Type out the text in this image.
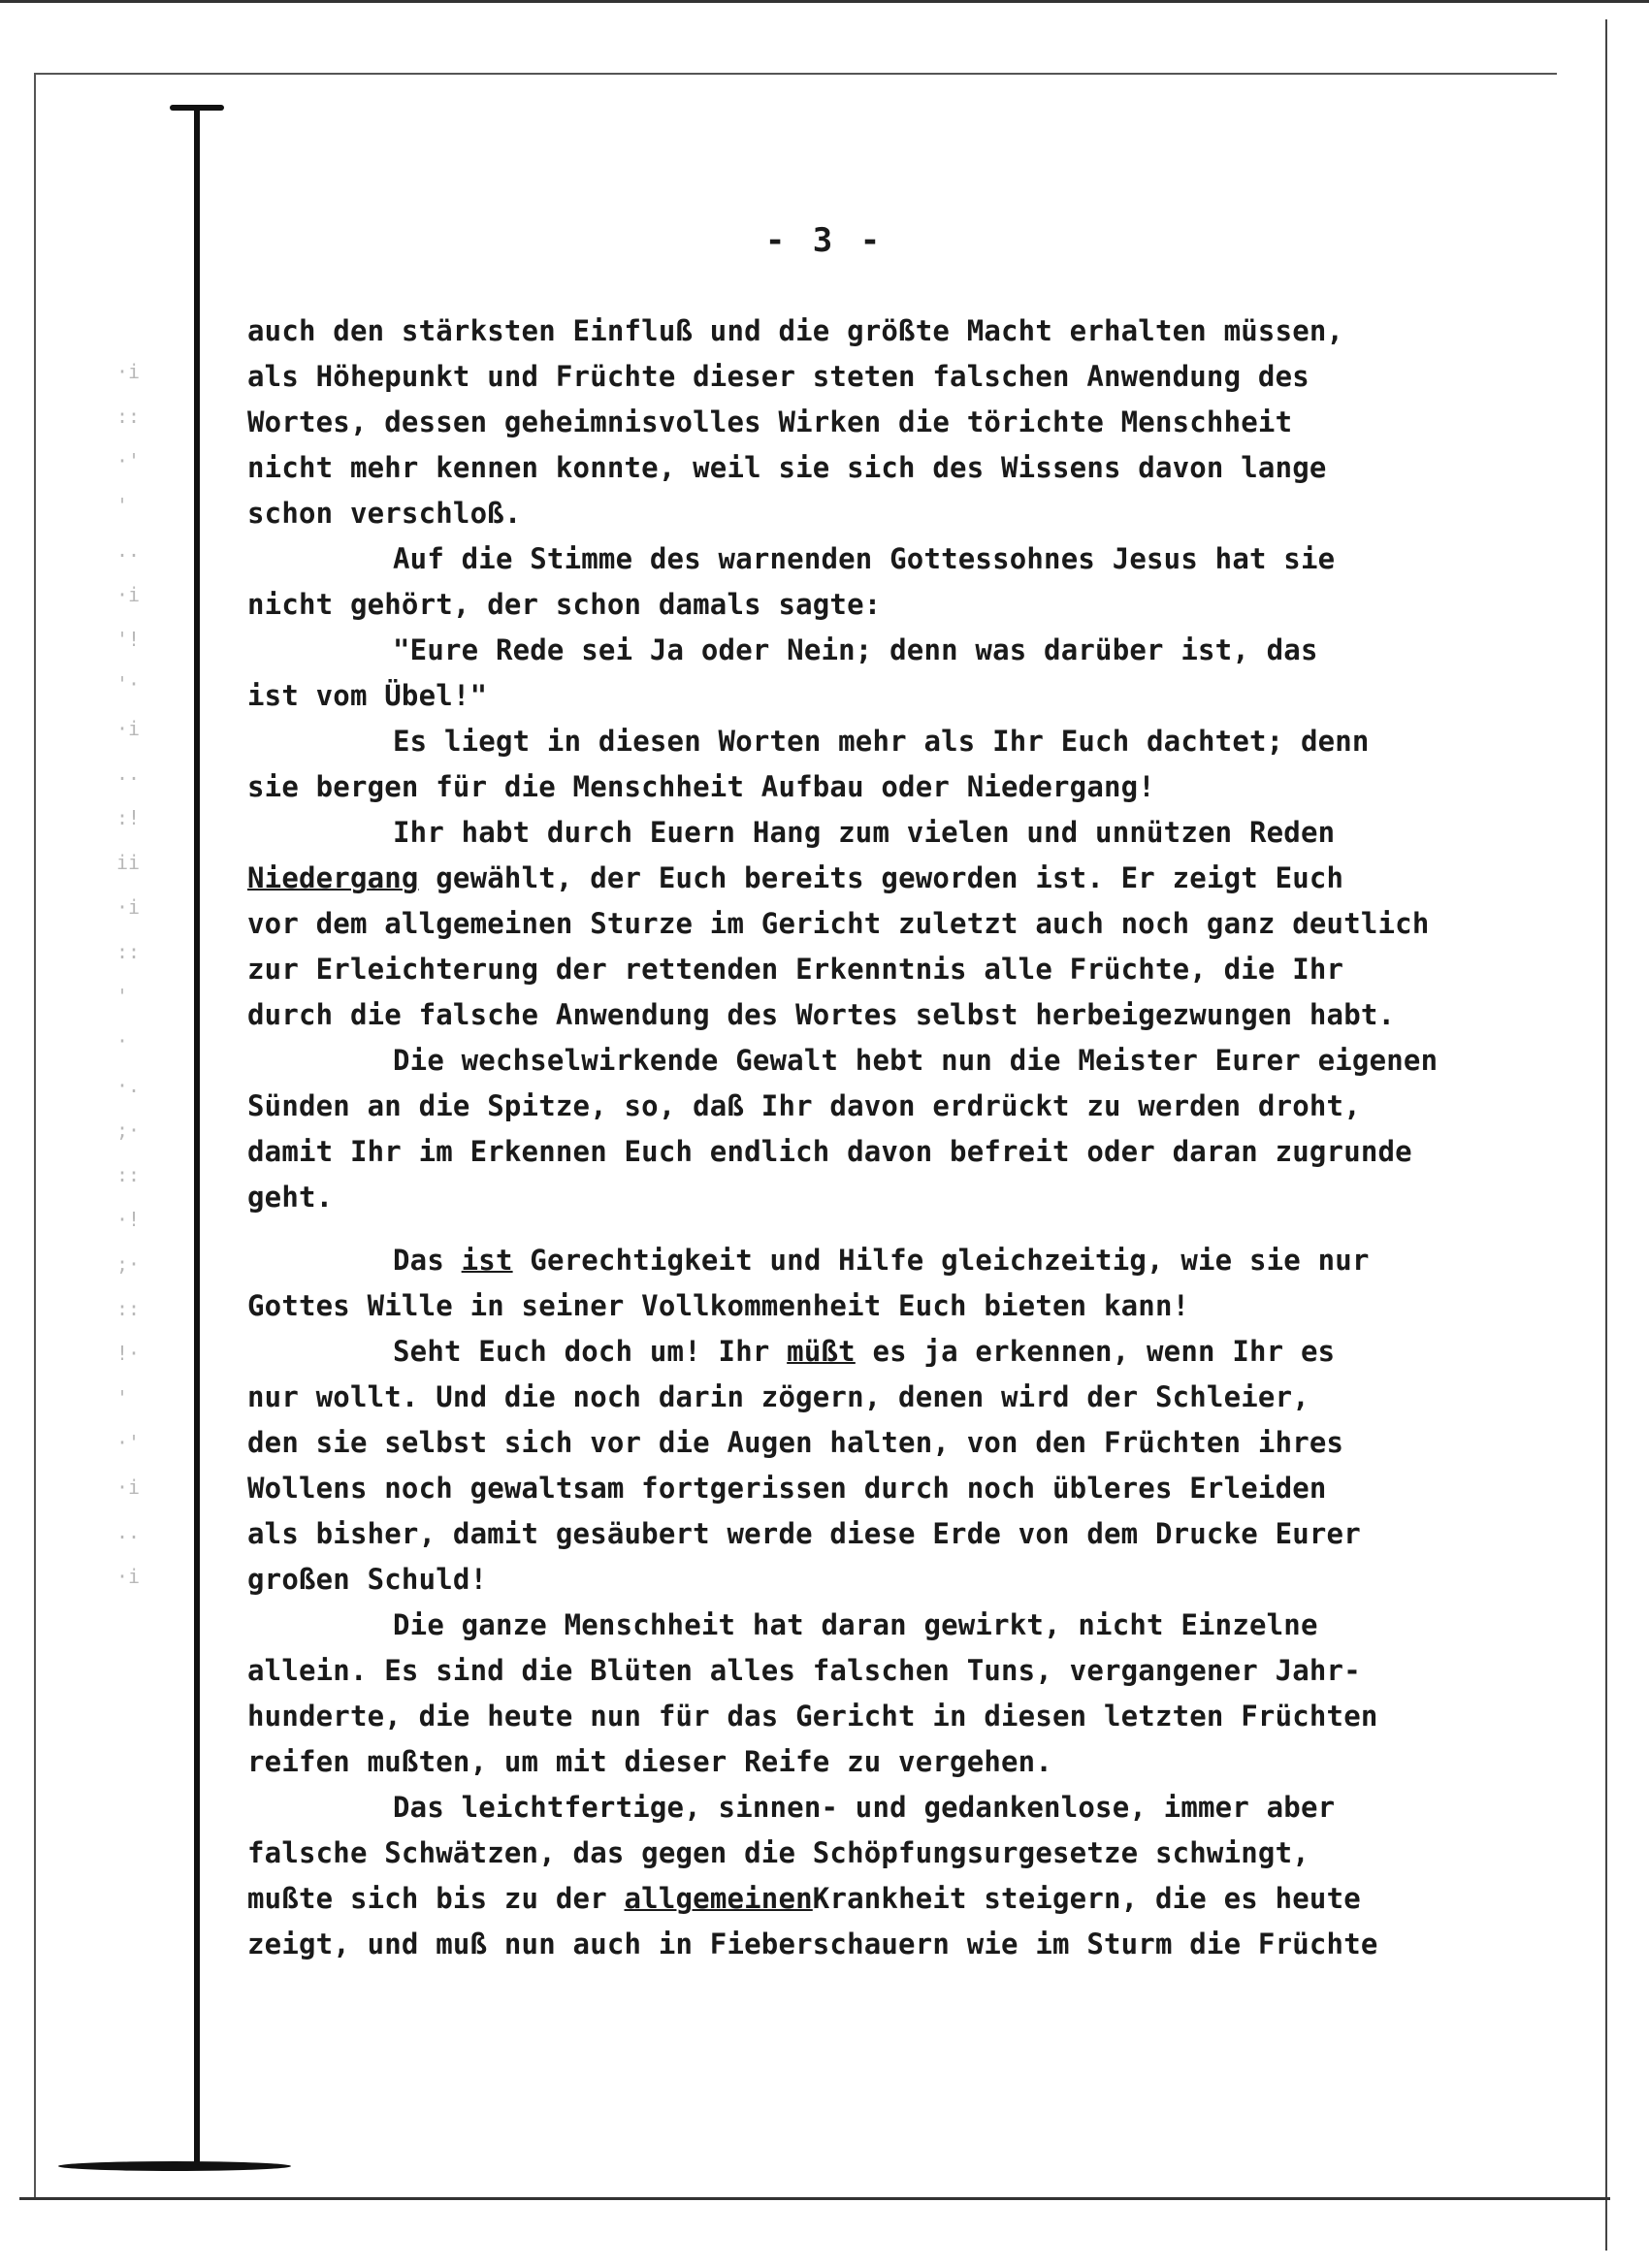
·i
::
·'
'
..
·i
'!
'·
·i
..
:!
ii
·i
::
'
·
·.
;·
::
·!
;·
::
!·
'
·'
·i
..
·i
- 3 -
auch den stärksten Einfluß und die größte Macht erhalten müssen,
als Höhepunkt und Früchte dieser steten falschen Anwendung des
Wortes, dessen geheimnisvolles Wirken die törichte Menschheit
nicht mehr kennen konnte, weil sie sich des Wissens davon lange
schon verschloß.
Auf die Stimme des warnenden Gottessohnes Jesus hat sie
nicht gehört, der schon damals sagte:
"Eure Rede sei Ja oder Nein; denn was darüber ist, das
ist vom Übel!"
Es liegt in diesen Worten mehr als Ihr Euch dachtet; denn
sie bergen für die Menschheit Aufbau oder Niedergang!
Ihr habt durch Euern Hang zum vielen und unnützen Reden
Niedergang gewählt, der Euch bereits geworden ist. Er zeigt Euch
vor dem allgemeinen Sturze im Gericht zuletzt auch noch ganz deutlich
zur Erleichterung der rettenden Erkenntnis alle Früchte, die Ihr
durch die falsche Anwendung des Wortes selbst herbeigezwungen habt.
Die wechselwirkende Gewalt hebt nun die Meister Eurer eigenen
Sünden an die Spitze, so, daß Ihr davon erdrückt zu werden droht,
damit Ihr im Erkennen Euch endlich davon befreit oder daran zugrunde
geht.
Das ist Gerechtigkeit und Hilfe gleichzeitig, wie sie nur
Gottes Wille in seiner Vollkommenheit Euch bieten kann!
Seht Euch doch um! Ihr müßt es ja erkennen, wenn Ihr es
nur wollt. Und die noch darin zögern, denen wird der Schleier,
den sie selbst sich vor die Augen halten, von den Früchten ihres
Wollens noch gewaltsam fortgerissen durch noch übleres Erleiden
als bisher, damit gesäubert werde diese Erde von dem Drucke Eurer
großen Schuld!
Die ganze Menschheit hat daran gewirkt, nicht Einzelne
allein. Es sind die Blüten alles falschen Tuns, vergangener Jahr-
hunderte, die heute nun für das Gericht in diesen letzten Früchten
reifen mußten, um mit dieser Reife zu vergehen.
Das leichtfertige, sinnen- und gedankenlose, immer aber
falsche Schwätzen, das gegen die Schöpfungsurgesetze schwingt,
mußte sich bis zu der allgemeinenKrankheit steigern, die es heute
zeigt, und muß nun auch in Fieberschauern wie im Sturm die Früchte
